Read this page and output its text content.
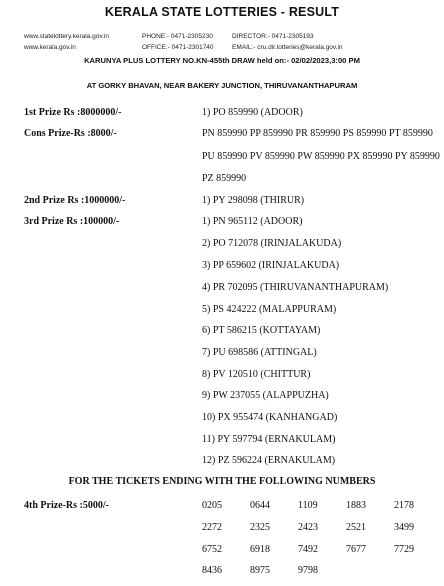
KERALA STATE LOTTERIES - RESULT
www.statelottery.kerala.gov.in
www.kerala.gov.in
PHONE:- 0471-2305230
OFFICE:- 0471-2301740
DIRECTOR:- 0471-2305193
EMAIL:- cru.dir.lotteries@kerala.gov.in
KARUNYA PLUS LOTTERY NO.KN-455th DRAW held on:- 02/02/2023,3:00 PM
AT GORKY BHAVAN, NEAR BAKERY JUNCTION, THIRUVANANTHAPURAM
1st Prize Rs :8000000/-	1) PO 859990 (ADOOR)
Cons Prize-Rs :8000/-	PN 859990 PP 859990 PR 859990 PS 859990 PT 859990
PU 859990 PV 859990 PW 859990 PX 859990 PY 859990
PZ 859990
2nd Prize Rs :1000000/-	1) PY 298098 (THIRUR)
3rd Prize Rs :100000/-	1) PN 965112 (ADOOR)
2) PO 712078 (IRINJALAKUDA)
3) PP 659602 (IRINJALAKUDA)
4) PR 702095 (THIRUVANANTHAPURAM)
5) PS 424222 (MALAPPURAM)
6) PT 586215 (KOTTAYAM)
7) PU 698586 (ATTINGAL)
8) PV 120510 (CHITTUR)
9) PW 237055 (ALAPPUZHA)
10) PX 955474 (KANHANGAD)
11) PY 597794 (ERNAKULAM)
12) PZ 596224 (ERNAKULAM)
FOR THE TICKETS ENDING WITH THE FOLLOWING NUMBERS
4th Prize-Rs :5000/-	0205	0644	1109	1883	2178
2272	2325	2423	2521	3499
6752	6918	7492	7677	7729
8436	8975	9798
